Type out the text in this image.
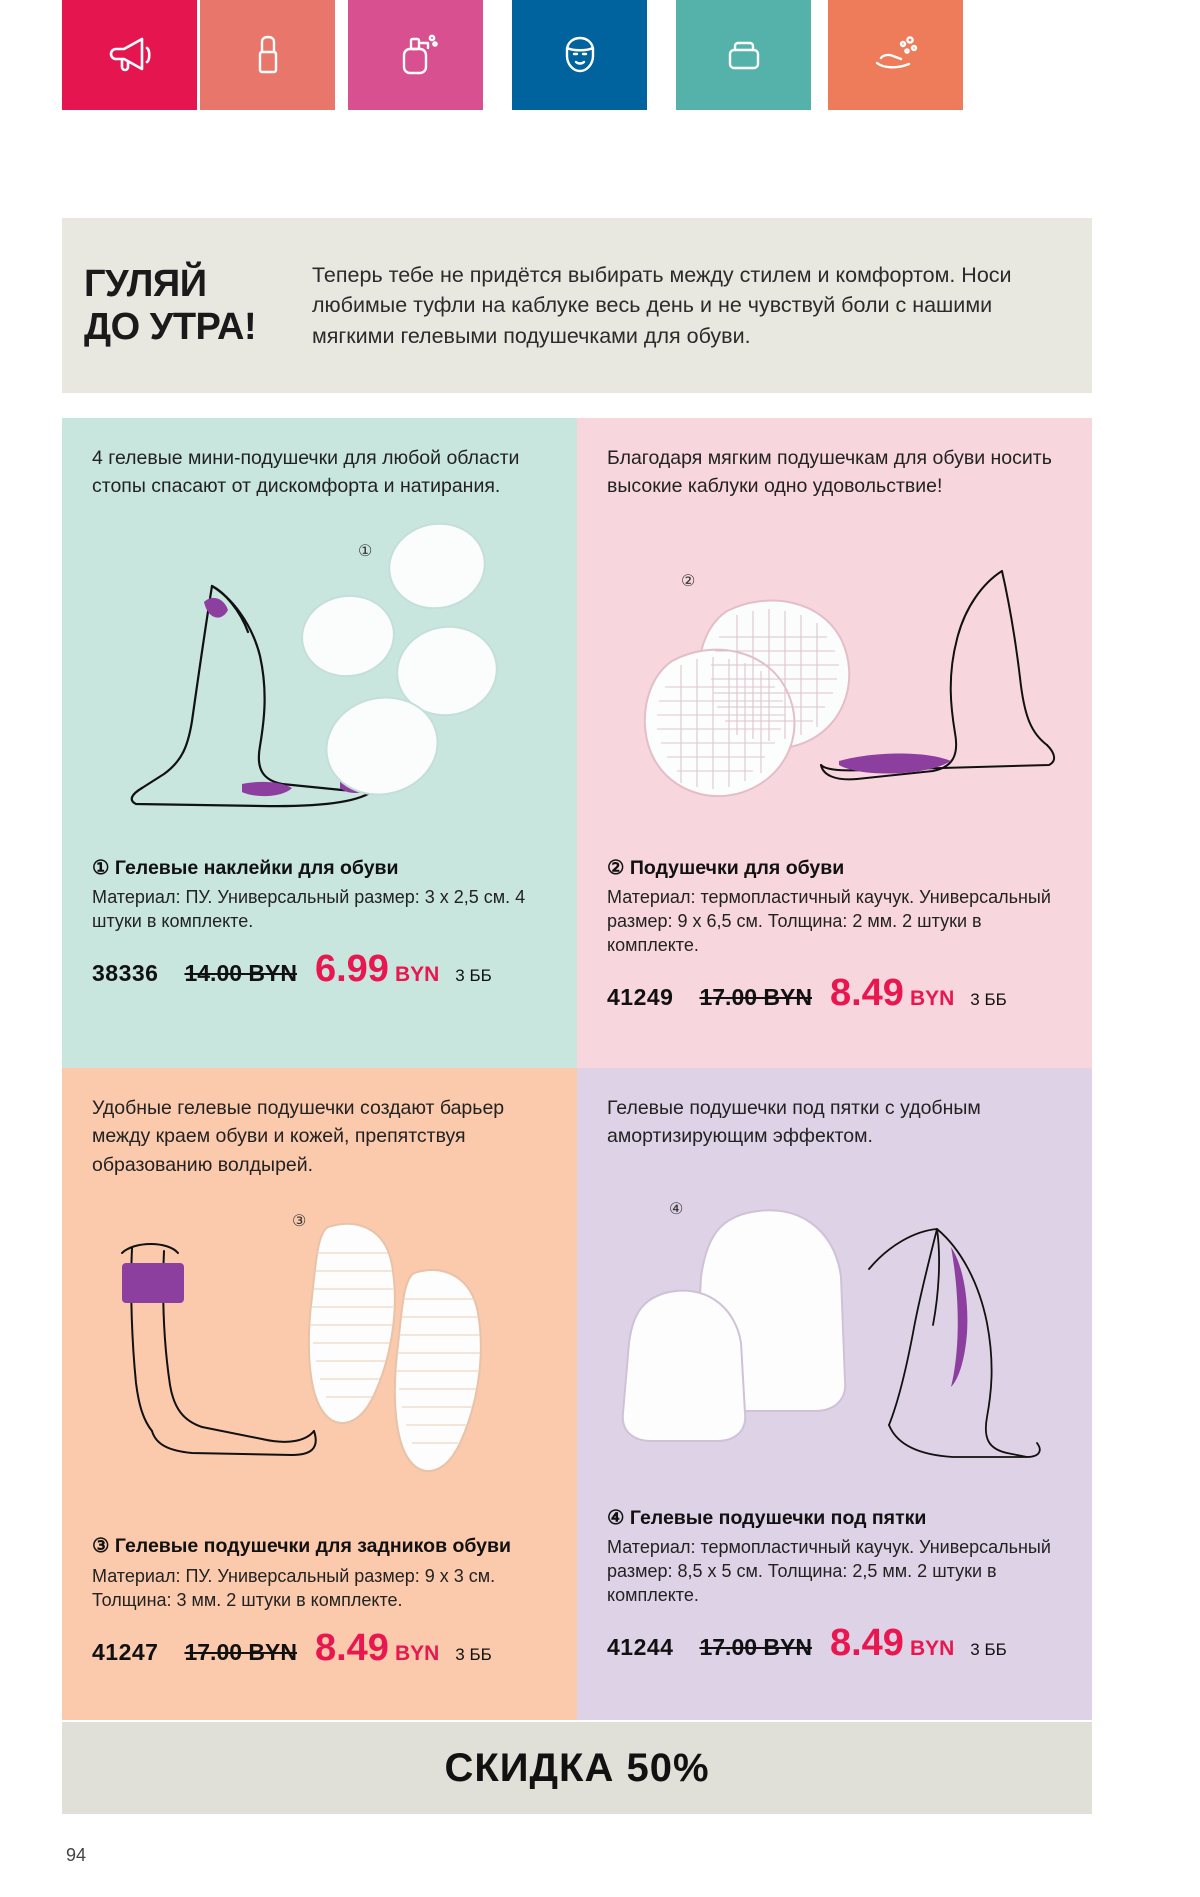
ГУЛЯЙ
ДО УТРА!
Теперь тебе не придётся выбирать между стилем и комфортом. Носи любимые туфли на каблуке весь день и не чувствуй боли с нашими мягкими гелевыми подушечками для обуви.
4 гелевые мини-подушечки для любой области стопы спасают от дискомфорта и натирания.
①
① Гелевые наклейки для обуви
Материал: ПУ. Универсальный размер: 3 х 2,5 см. 4 штуки в комплекте.
38336 14.00 BYN 6.99 BYN 3 ББ
Благодаря мягким подушечкам для обуви носить высокие каблуки одно удовольствие!
②
② Подушечки для обуви
Материал: термопластичный каучук. Универсальный размер: 9 х 6,5 см. Толщина: 2 мм. 2 штуки в комплекте.
41249 17.00 BYN 8.49 BYN 3 ББ
Удобные гелевые подушечки создают барьер между краем обуви и кожей, препятствуя образованию волдырей.
③
③ Гелевые подушечки для задников обуви
Материал: ПУ. Универсальный размер: 9 х 3 см. Толщина: 3 мм. 2 штуки в комплекте.
41247 17.00 BYN 8.49 BYN 3 ББ
Гелевые подушечки под пятки с удобным амортизирующим эффектом.
④
④ Гелевые подушечки под пятки
Материал: термопластичный каучук. Универсальный размер: 8,5 х 5 см. Толщина: 2,5 мм. 2 штуки в комплекте.
41244 17.00 BYN 8.49 BYN 3 ББ
СКИДКА 50%
94
